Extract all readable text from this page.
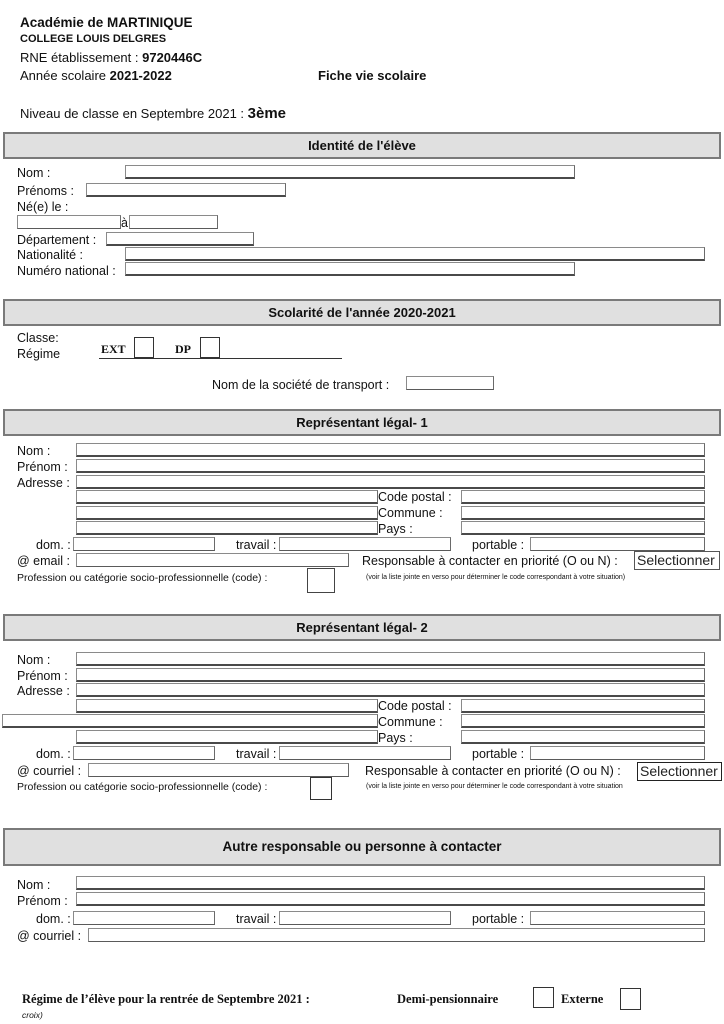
Académie de MARTINIQUE
COLLEGE LOUIS DELGRES
RNE établissement : 9720446C
Année scolaire 2021-2022	Fiche vie scolaire
Niveau de classe en Septembre 2021 : 3ème
Identité de l'élève
Nom :
Prénoms :
Né(e) le :
à
Département :
Nationalité :
Numéro national :
Scolarité de l'année 2020-2021
Classe:
Régime	EXT	DP
Nom de la société de transport :
Représentant légal- 1
Nom :
Prénom :
Adresse :
Code postal :
Commune :
Pays :
dom. :	travail :	portable :
@ email :	Responsable à contacter en priorité (O ou N) : Selectionner
Profession ou catégorie socio-professionnelle (code) :	(voir la liste jointe en verso pour déterminer le code correspondant à votre situation)
Représentant légal- 2
Nom :
Prénom :
Adresse :
Code postal :
Commune :
Pays :
dom. :	travail :	portable :
@ courriel :	Responsable à contacter en priorité (O ou N) : Selectionner
Profession ou catégorie socio-professionnelle (code) :	(voir la liste jointe en verso pour déterminer le code correspondant à votre situation
Autre responsable ou personne à contacter
Nom :
Prénom :
dom. :	travail :	portable :
@ courriel :
Régime de l’élève pour la rentrée de Septembre 2021 :	Demi-pensionnaire	Externe
croix)
